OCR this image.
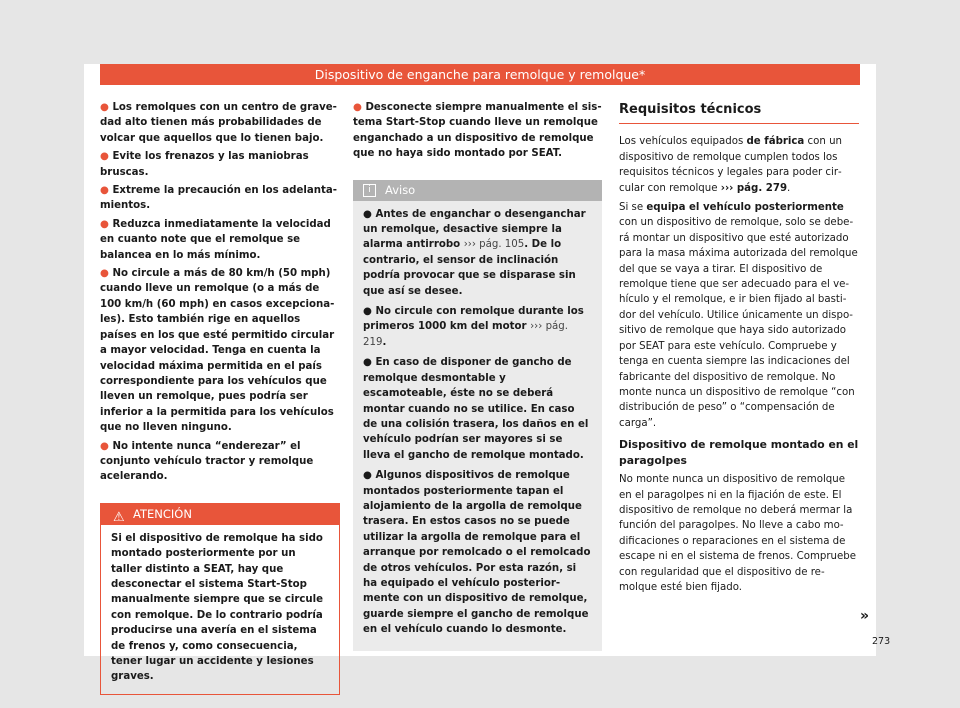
Dispositivo de enganche para remolque y remolque*

● Los remolques con un centro de gravedad alto tienen más probabilidades de volcar que aquellos que lo tienen bajo.

● Evite los frenazos y las maniobras bruscas.

● Extreme la precaución en los adelantamientos.

● Reduzca inmediatamente la velocidad en cuanto note que el remolque se balancea en lo más mínimo.

● No circule a más de 80 km/h (50 mph) cuando lleve un remolque (o a más de 100 km/h (60 mph) en casos excepcionales). Esto también rige en aquellos países en los que esté permitido circular a mayor velocidad. Tenga en cuenta la velocidad máxima permitida en el país correspondiente para los vehículos que lleven un remolque, pues podría ser inferior a la permitida para los vehículos que no lleven ninguno.

● No intente nunca “enderezar” el conjunto vehículo tractor y remolque acelerando.

⚠ ATENCIÓN
Si el dispositivo de remolque ha sido montado posteriormente por un taller distinto a SEAT, hay que desconectar el sistema Start-Stop manualmente siempre que se circule con remolque. De lo contrario podría producirse una avería en el sistema de frenos y, como consecuencia, tener lugar un accidente y lesiones graves.

● Desconecte siempre manualmente el sistema Start-Stop cuando lleve un remolque enganchado a un dispositivo de remolque que no haya sido montado por SEAT.

i	Aviso

● Antes de enganchar o desenganchar un remolque, desactive siempre la alarma antirrobo ››› pág. 105. De lo contrario, el sensor de inclinación podría provocar que se disparase sin que así se desee.

● No circule con remolque durante los primeros 1000 km del motor ››› pág. 219.

● En caso de disponer de gancho de remolque desmontable y escamoteable, éste no se deberá montar cuando no se utilice. En caso de una colisión trasera, los daños en el vehículo podrían ser mayores si se lleva el gancho de remolque montado.

● Algunos dispositivos de remolque montados posteriormente tapan el alojamiento de la argolla de remolque trasera. En estos casos no se puede utilizar la argolla de remolque para el arranque por remolcado o el remolcado de otros vehículos. Por esta razón, si ha equipado el vehículo posteriormente con un dispositivo de remolque, guarde siempre el gancho de remolque en el vehículo cuando lo desmonte.

Requisitos técnicos

Los vehículos equipados de fábrica con un dispositivo de remolque cumplen todos los requisitos técnicos y legales para poder circular con remolque ››› pág. 279.

Si se equipa el vehículo posteriormente con un dispositivo de remolque, solo se deberá montar un dispositivo que esté autorizado para la masa máxima autorizada del remolque del que se vaya a tirar. El dispositivo de remolque tiene que ser adecuado para el vehículo y el remolque, e ir bien fijado al bastidor del vehículo. Utilice únicamente un dispositivo de remolque que haya sido autorizado por SEAT para este vehículo. Compruebe y tenga en cuenta siempre las indicaciones del fabricante del dispositivo de remolque. No monte nunca un dispositivo de remolque “con distribución de peso” o “compensación de carga”.

Dispositivo de remolque montado en el paragolpes

No monte nunca un dispositivo de remolque en el paragolpes ni en la fijación de este. El dispositivo de remolque no deberá mermar la función del paragolpes. No lleve a cabo modificaciones o reparaciones en el sistema de escape ni en el sistema de frenos. Compruebe con regularidad que el dispositivo de remolque esté bien fijado.

»
273
